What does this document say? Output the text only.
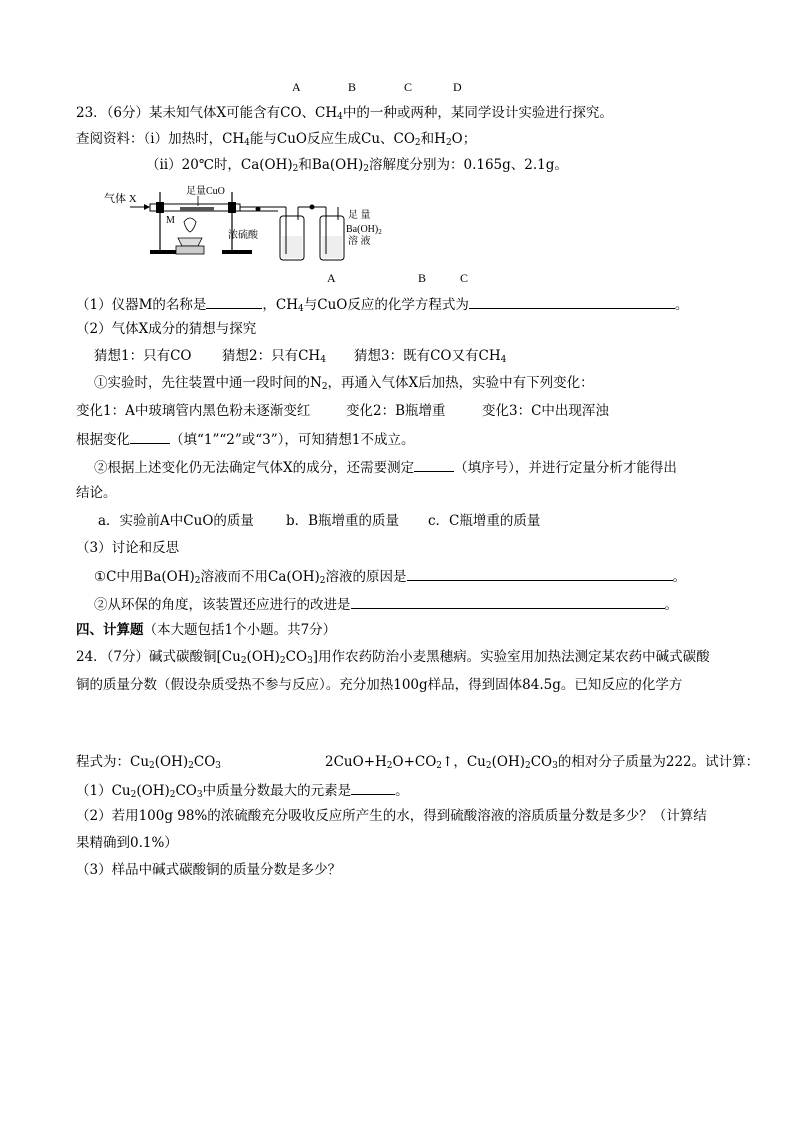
A	B	C	D
23．（6分）某未知气体X可能含有CO、$CH_4$中的一种或两种，某同学设计实验进行探究。
查阅资料：（ⅰ）加热时，$CH_4$能与CuO反应生成Cu、$CO_2$和$H_2O$；
（ⅱ）20℃时，$Ca(OH)_2$和$Ba(OH)_2$溶解度分别为：0.165g、2.1g。
气体 X
足量CuO
M
浓硫酸
足 量
$Ba(OH)_2$
溶 液
A	B	C
（1）仪器M的名称是	，$CH_4$与CuO反应的化学方程式为	。
（2）气体X成分的猜想与探究
猜想1：只有CO 猜想2：只有$CH_4$ 猜想3：既有CO又有$CH_4$
①实验时，先往装置中通一段时间的$N_2$，再通入气体X后加热，实验中有下列变化：
变化1：A中玻璃管内黑色粉未逐渐变红	变化2：B瓶增重	变化3：C中出现浑浊
根据变化	（填“1”“2”或“3”），可知猜想1不成立。
②根据上述变化仍无法确定气体X的成分，还需要测定	（填序号），并进行定量分析才能得出
结论。
a．实验前A中CuO的质量 b．B瓶增重的质量 c．C瓶增重的质量
（3）讨论和反思
①C中用$Ba(OH)_2$溶液而不用$Ca(OH)_2$溶液的原因是	。
②从环保的角度，该装置还应进行的改进是	。
四、计算题（本大题包括1个小题。共7分）
24．（7分）碱式碳酸铜$[Cu_2(OH)_2CO_3]$用作农药防治小麦黑穗病。实验室用加热法测定某农药中碱式碳酸
铜的质量分数（假设杂质受热不参与反应）。充分加热100g样品，得到固体84.5g。已知反应的化学方
程式为：$Cu_2(OH)_2CO_3$	$2CuO+H_2O+CO_2↑$，$Cu_2(OH)_2CO_3$的相对分子质量为222。试计算：
$(1)Cu_2(OH)_2CO_3$中质量分数最大的元素是	。
（2）若用100g 98%的浓硫酸充分吸收反应所产生的水，得到硫酸溶液的溶质质量分数是多少？（计算结
果精确到0.1%）
（3）样品中碱式碳酸铜的质量分数是多少？
